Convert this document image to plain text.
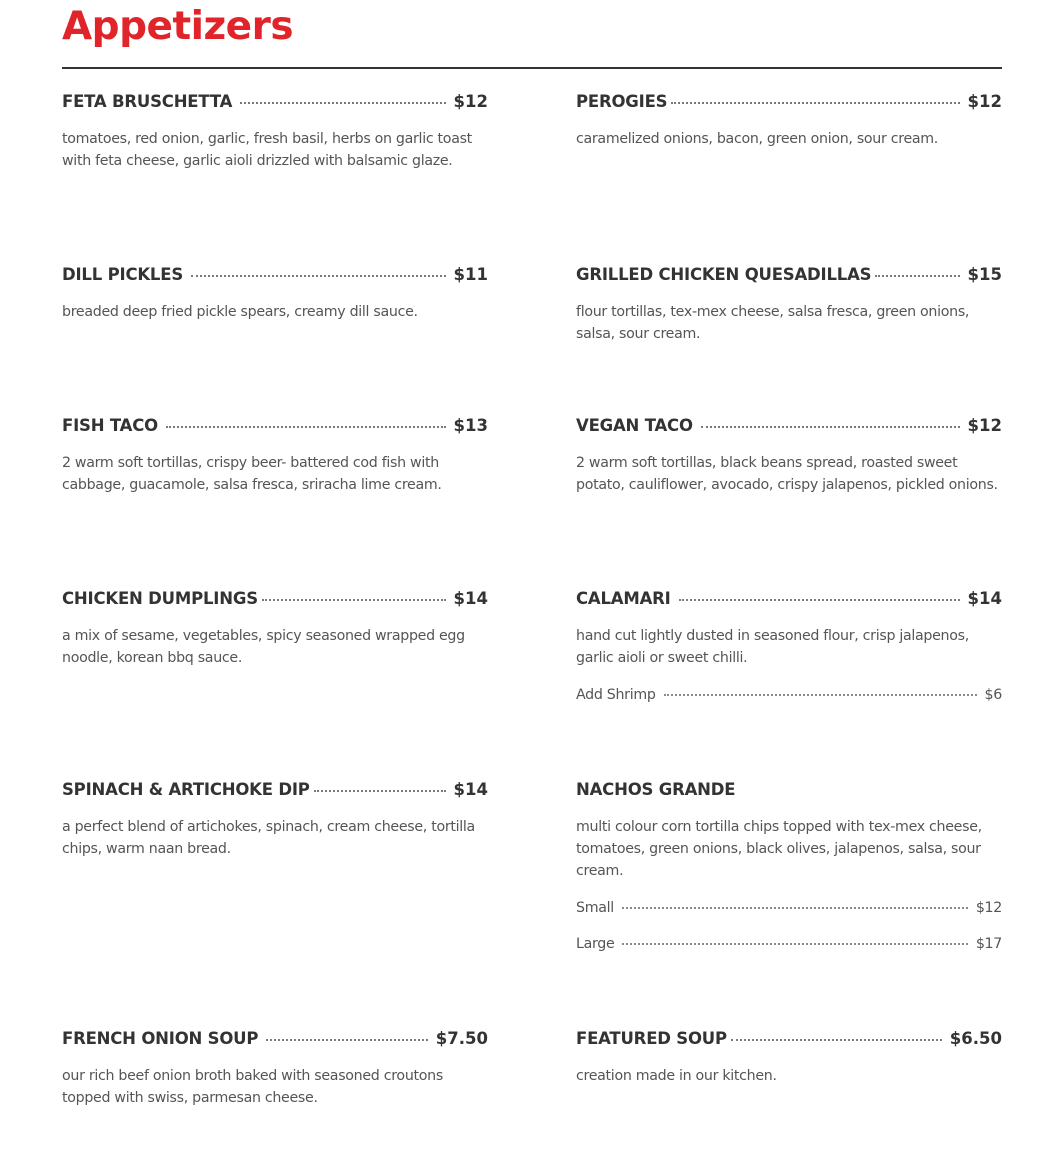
Appetizers
FETA BRUSCHETTA	$12
tomatoes, red onion, garlic, fresh basil, herbs on garlic toast with feta cheese, garlic aioli drizzled with balsamic glaze.
PEROGIES	$12
caramelized onions, bacon, green onion, sour cream.
DILL PICKLES	$11
breaded deep fried pickle spears, creamy dill sauce.
GRILLED CHICKEN QUESADILLAS	$15
flour tortillas, tex-mex cheese, salsa fresca, green onions, salsa, sour cream.
FISH TACO	$13
2 warm soft tortillas, crispy beer- battered cod fish with cabbage, guacamole, salsa fresca, sriracha lime cream.
VEGAN TACO	$12
2 warm soft tortillas, black beans spread, roasted sweet potato, cauliflower, avocado, crispy jalapenos, pickled onions.
CHICKEN DUMPLINGS	$14
a mix of sesame, vegetables, spicy seasoned wrapped egg noodle, korean bbq sauce.
CALAMARI	$14
hand cut lightly dusted in seasoned flour, crisp jalapenos, garlic aioli or sweet chilli.
Add Shrimp	$6
SPINACH & ARTICHOKE DIP	$14
a perfect blend of artichokes, spinach, cream cheese, tortilla chips, warm naan bread.
NACHOS GRANDE
multi colour corn tortilla chips topped with tex-mex cheese, tomatoes, green onions, black olives, jalapenos, salsa, sour cream.
Small	$12
Large	$17
FRENCH ONION SOUP	$7.50
our rich beef onion broth baked with seasoned croutons topped with swiss, parmesan cheese.
FEATURED SOUP	$6.50
creation made in our kitchen.
